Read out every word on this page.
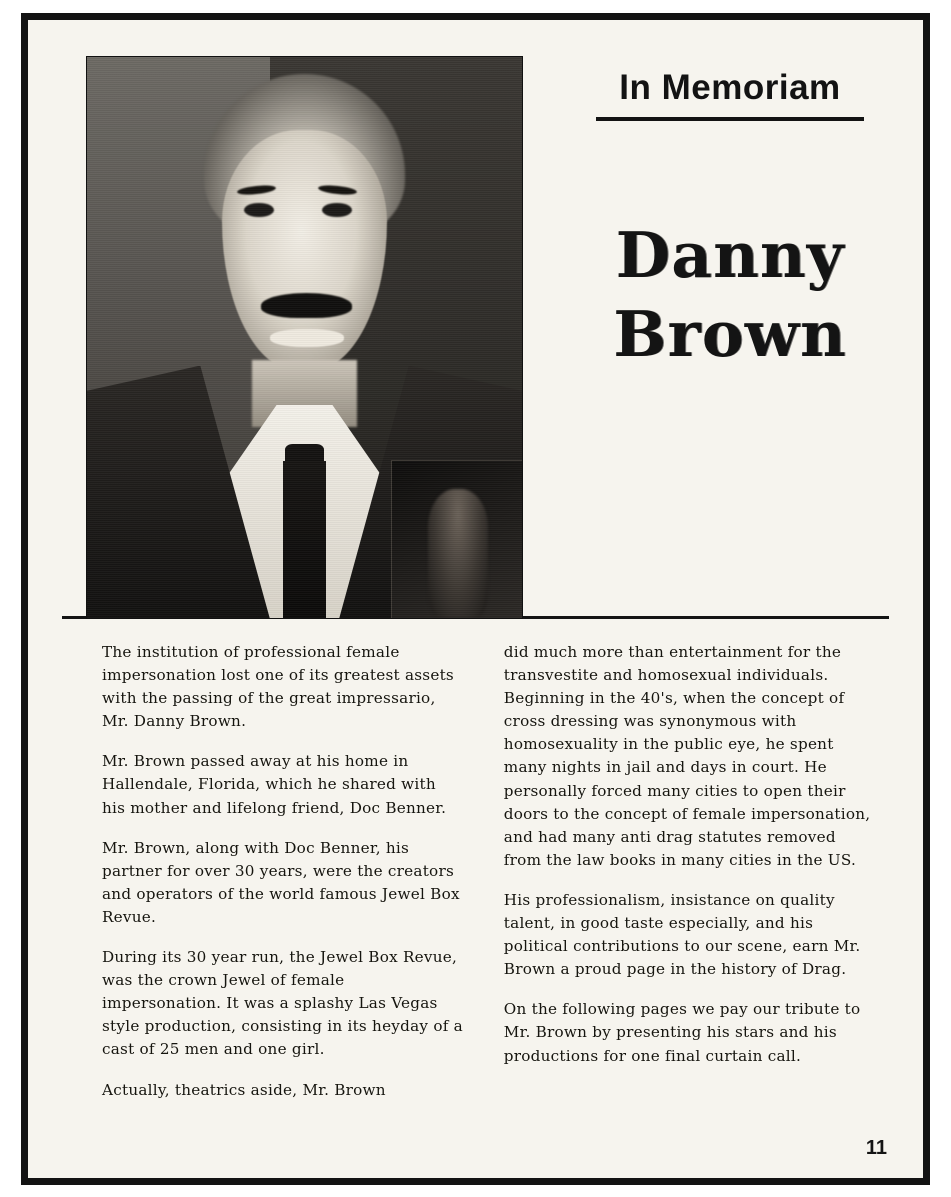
In Memoriam
Danny
Brown

The institution of professional female impersonation lost one of its greatest assets with the passing of the great impressario, Mr. Danny Brown.

Mr. Brown passed away at his home in Hallendale, Florida, which he shared with his mother and lifelong friend, Doc Benner.

Mr. Brown, along with Doc Benner, his partner for over 30 years, were the creators and operators of the world famous Jewel Box Revue.

During its 30 year run, the Jewel Box Revue, was the crown Jewel of female impersonation. It was a splashy Las Vegas style production, consisting in its heyday of a cast of 25 men and one girl.

Actually, theatrics aside, Mr. Brown

did much more than entertainment for the transvestite and homosexual individuals. Beginning in the 40's, when the concept of cross dressing was synonymous with homosexuality in the public eye, he spent many nights in jail and days in court. He personally forced many cities to open their doors to the concept of female impersonation, and had many anti drag statutes removed from the law books in many cities in the US.

His professionalism, insistance on quality talent, in good taste especially, and his political contributions to our scene, earn Mr. Brown a proud page in the history of Drag.

On the following pages we pay our tribute to Mr. Brown by presenting his stars and his productions for one final curtain call.

11
